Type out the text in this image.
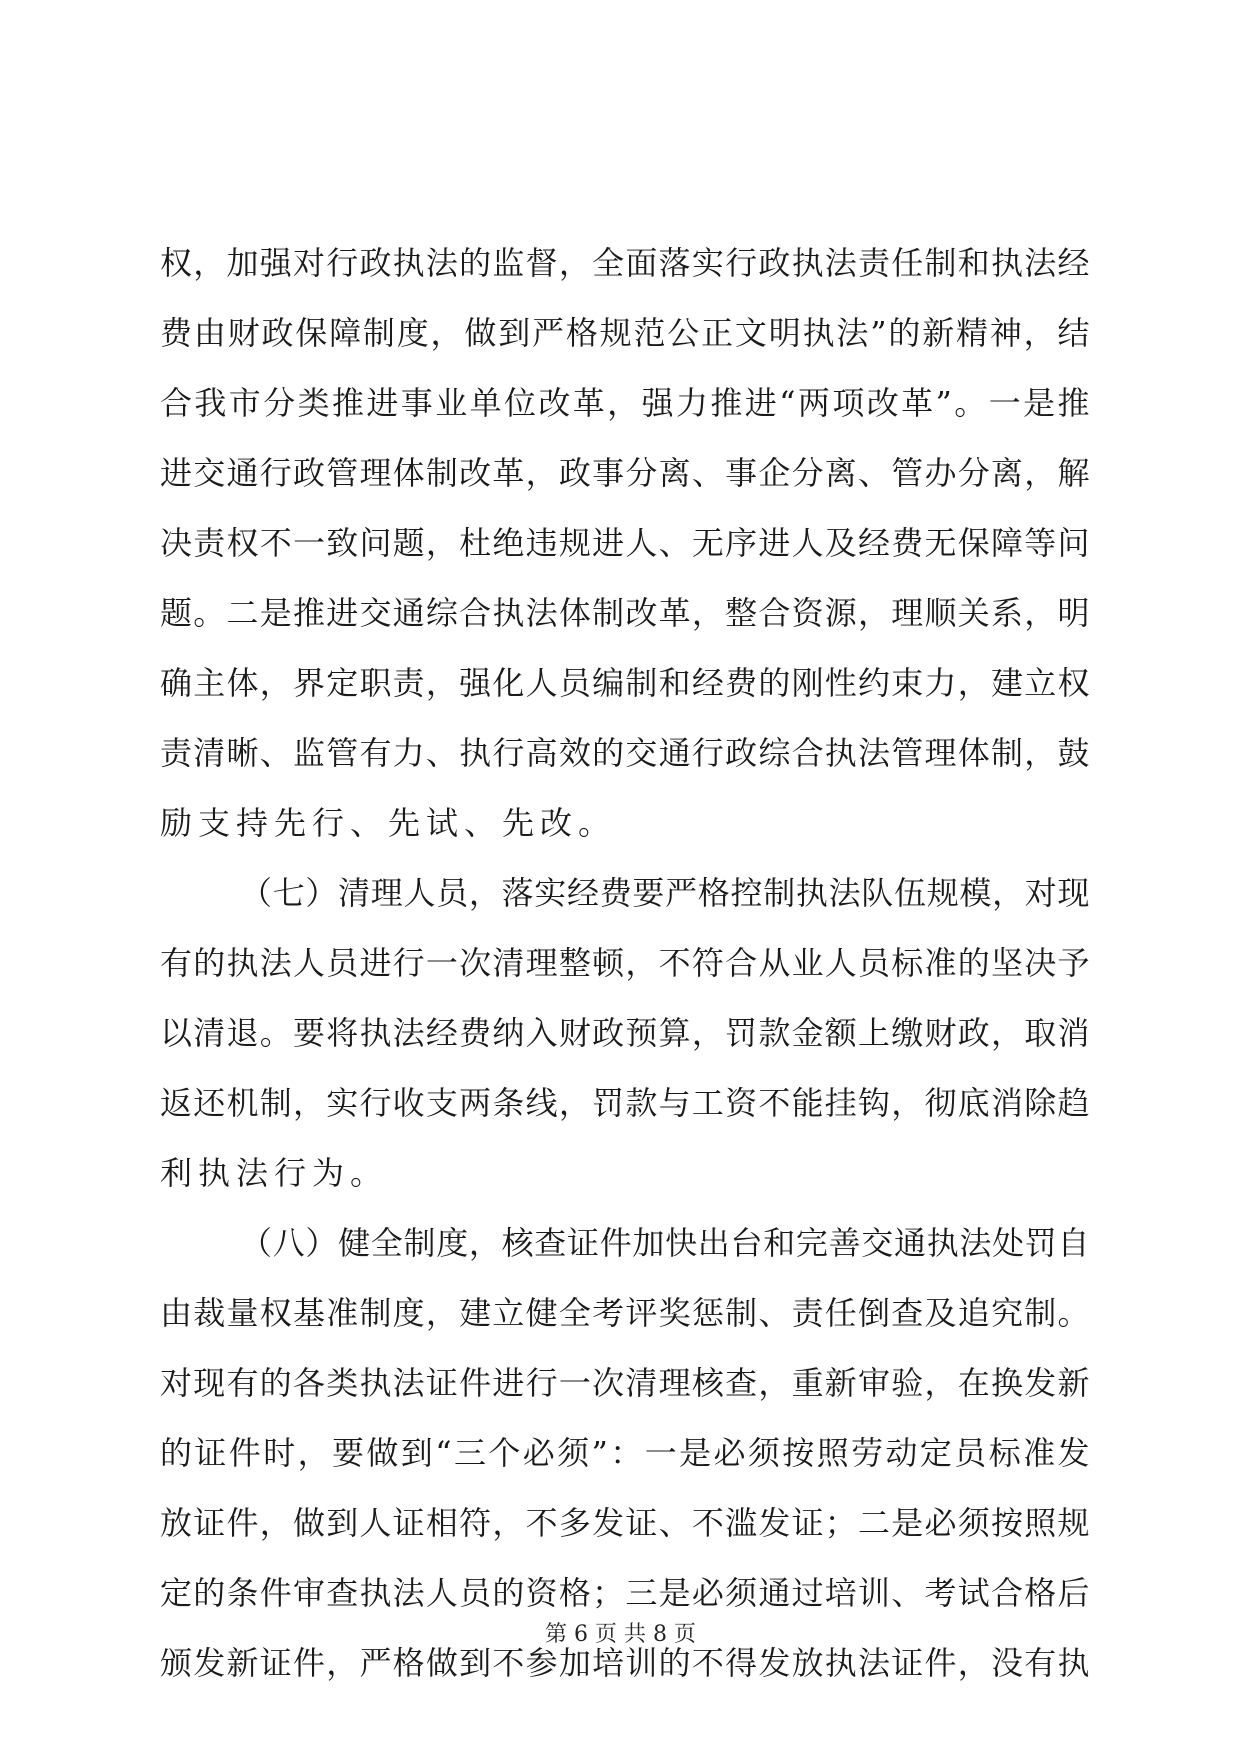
权，加强对行政执法的监督，全面落实行政执法责任制和执法经
费由财政保障制度，做到严格规范公正文明执法”的新精神，结
合我市分类推进事业单位改革，强力推进“两项改革”。一是推
进交通行政管理体制改革，政事分离、事企分离、管办分离，解
决责权不一致问题，杜绝违规进人、无序进人及经费无保障等问
题。二是推进交通综合执法体制改革，整合资源，理顺关系，明
确主体，界定职责，强化人员编制和经费的刚性约束力，建立权
责清晰、监管有力、执行高效的交通行政综合执法管理体制，鼓
励支持先行、先试、先改。
（七）清理人员，落实经费要严格控制执法队伍规模，对现
有的执法人员进行一次清理整顿，不符合从业人员标准的坚决予
以清退。要将执法经费纳入财政预算，罚款金额上缴财政，取消
返还机制，实行收支两条线，罚款与工资不能挂钩，彻底消除趋
利执法行为。
（八）健全制度，核查证件加快出台和完善交通执法处罚自
由裁量权基准制度，建立健全考评奖惩制、责任倒查及追究制。
对现有的各类执法证件进行一次清理核查，重新审验，在换发新
的证件时，要做到“三个必须”：一是必须按照劳动定员标准发
放证件，做到人证相符，不多发证、不滥发证；二是必须按照规
定的条件审查执法人员的资格；三是必须通过培训、考试合格后
颁发新证件，严格做到不参加培训的不得发放执法证件，没有执
第 6 页 共 8 页
